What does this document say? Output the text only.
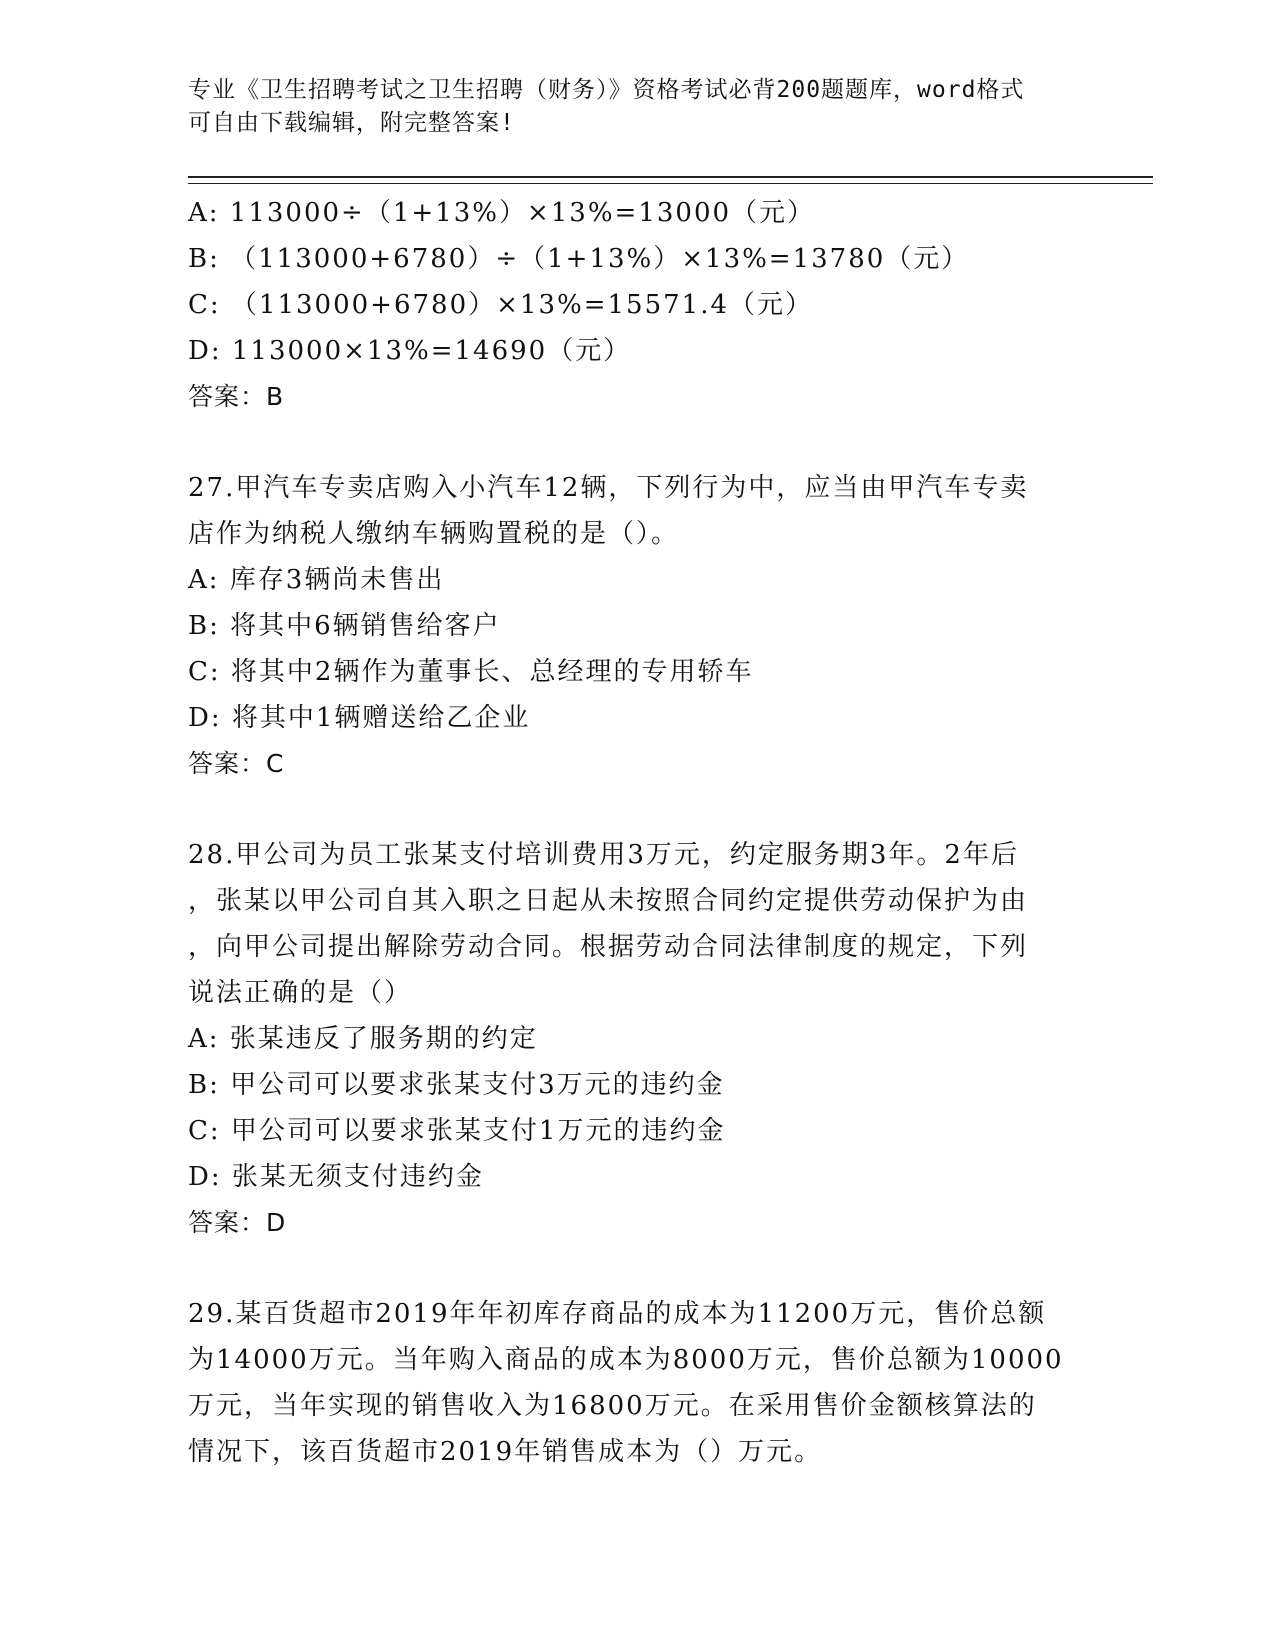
专业《卫生招聘考试之卫生招聘（财务）》资格考试必背200题题库，word格式
可自由下载编辑，附完整答案!
A: 113000÷（1+13%）×13%=13000（元）
B: （113000+6780）÷（1+13%）×13%=13780（元）
C: （113000+6780）×13%=15571.4（元）
D: 113000×13%=14690（元）
答案：B
27.甲汽车专卖店购入小汽车12辆，下列行为中，应当由甲汽车专卖
店作为纳税人缴纳车辆购置税的是（）。
A: 库存3辆尚未售出
B: 将其中6辆销售给客户
C: 将其中2辆作为董事长、总经理的专用轿车
D: 将其中1辆赠送给乙企业
答案：C
28.甲公司为员工张某支付培训费用3万元，约定服务期3年。2年后
，张某以甲公司自其入职之日起从未按照合同约定提供劳动保护为由
，向甲公司提出解除劳动合同。根据劳动合同法律制度的规定，下列
说法正确的是（）
A: 张某违反了服务期的约定
B: 甲公司可以要求张某支付3万元的违约金
C: 甲公司可以要求张某支付1万元的违约金
D: 张某无须支付违约金
答案：D
29.某百货超市2019年年初库存商品的成本为11200万元，售价总额
为14000万元。当年购入商品的成本为8000万元，售价总额为10000
万元，当年实现的销售收入为16800万元。在采用售价金额核算法的
情况下，该百货超市2019年销售成本为（）万元。
